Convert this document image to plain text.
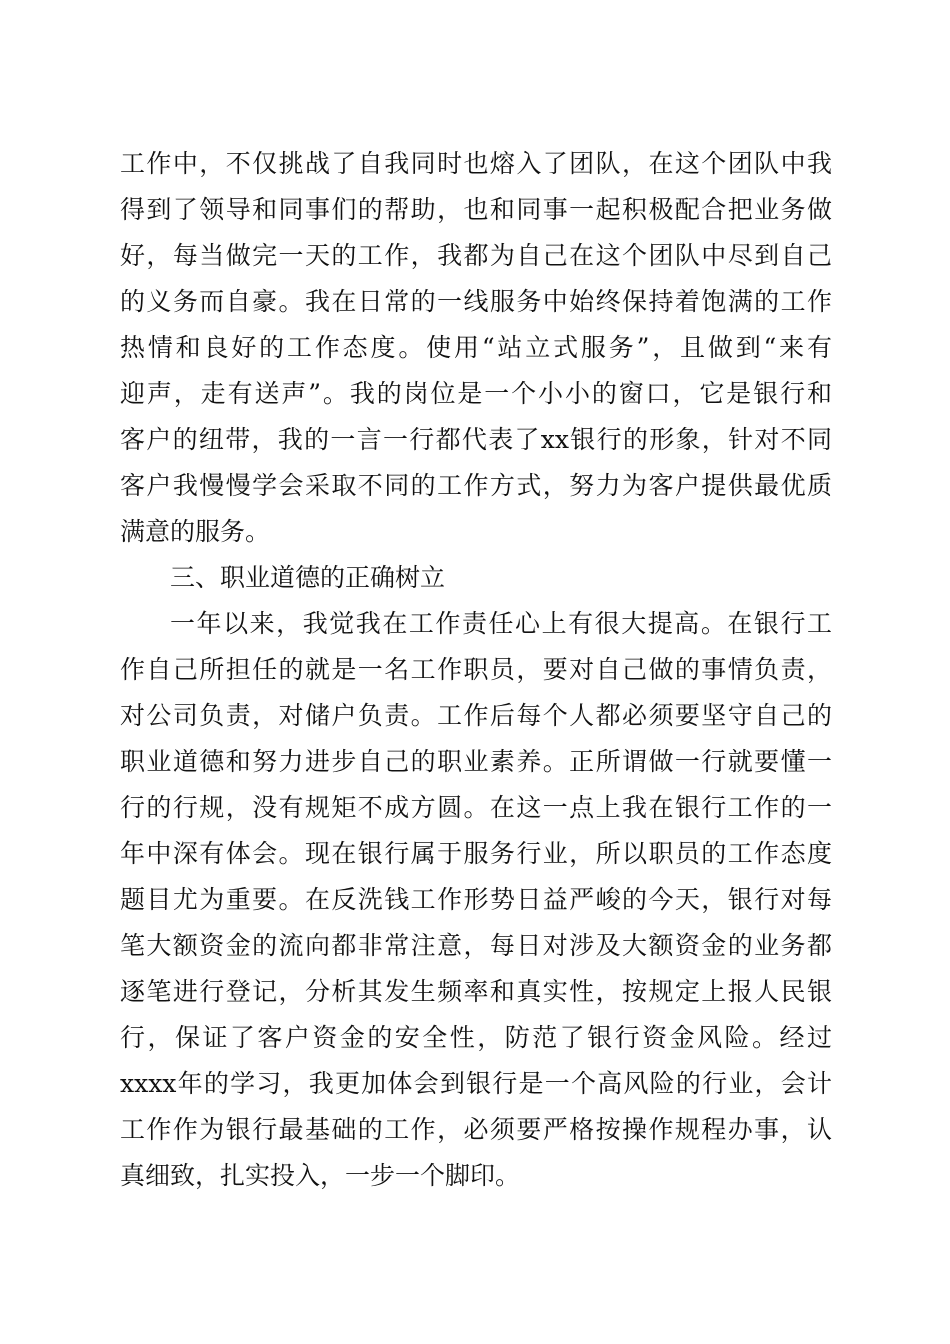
工作中，不仅挑战了自我同时也熔入了团队，在这个团队中我
得到了领导和同事们的帮助，也和同事一起积极配合把业务做
好，每当做完一天的工作，我都为自己在这个团队中尽到自己
的义务而自豪。我在日常的一线服务中始终保持着饱满的工作
热情和良好的工作态度。使用“站立式服务”，且做到“来有
迎声，走有送声”。我的岗位是一个小小的窗口，它是银行和
客户的纽带，我的一言一行都代表了xx银行的形象，针对不同
客户我慢慢学会采取不同的工作方式，努力为客户提供最优质
满意的服务。
三、职业道德的正确树立
一年以来，我觉我在工作责任心上有很大提高。在银行工
作自己所担任的就是一名工作职员，要对自己做的事情负责，
对公司负责，对储户负责。工作后每个人都必须要坚守自己的
职业道德和努力进步自己的职业素养。正所谓做一行就要懂一
行的行规，没有规矩不成方圆。在这一点上我在银行工作的一
年中深有体会。现在银行属于服务行业，所以职员的工作态度
题目尤为重要。在反洗钱工作形势日益严峻的今天，银行对每
笔大额资金的流向都非常注意，每日对涉及大额资金的业务都
逐笔进行登记，分析其发生频率和真实性，按规定上报人民银
行，保证了客户资金的安全性，防范了银行资金风险。经过
xxxx年的学习，我更加体会到银行是一个高风险的行业，会计
工作作为银行最基础的工作，必须要严格按操作规程办事，认
真细致，扎实投入，一步一个脚印。
